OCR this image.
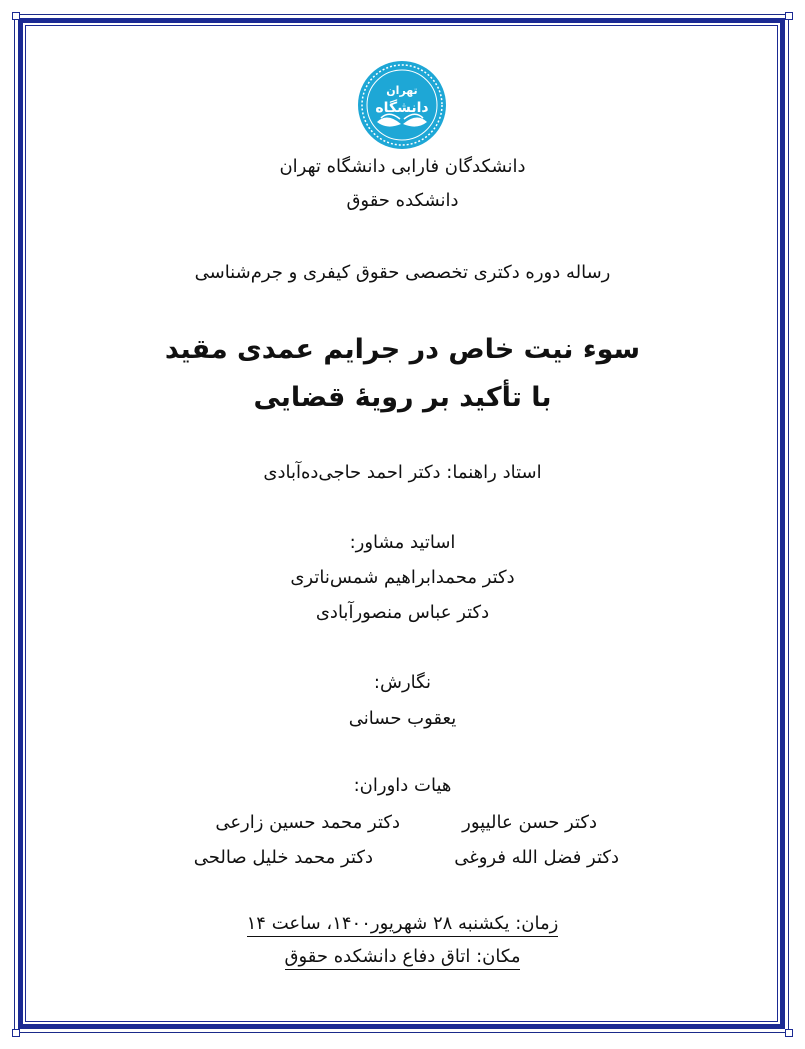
تهران
دانشگاه
دانشکدگان فارابی دانشگاه تهران
دانشکده حقوق
رساله دوره دکتری تخصصی حقوق کیفری و جرم‌شناسی
سوء نیت خاص در جرایم عمدی مقید
با تأکید بر رویهٔ قضایی
استاد راهنما: دکتر احمد حاجی‌ده‌آبادی
اساتید مشاور:
دکتر محمدابراهیم شمس‌ناتری
دکتر عباس منصورآبادی
نگارش:
یعقوب حسانی
هیات داوران:
دکتر حسن عالیپور
دکتر محمد حسین زارعی
دکتر فضل الله فروغی
دکتر محمد خلیل صالحی
زمان: یکشنبه ۲۸ شهریور۱۴۰۰، ساعت ۱۴
مکان: اتاق دفاع دانشکده حقوق
